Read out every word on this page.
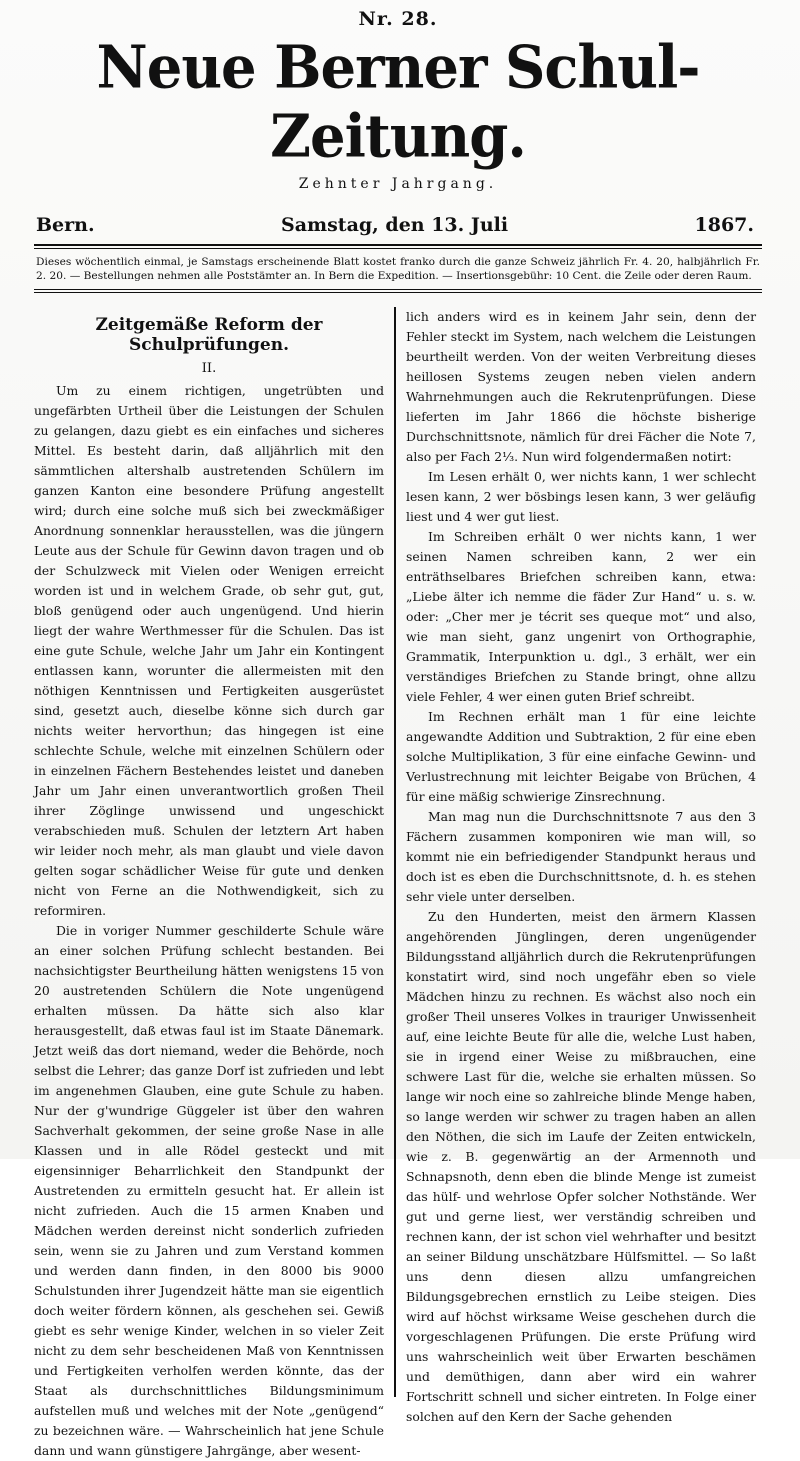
Nr. 28.
Neue Berner Schul-Zeitung.
Zehnter Jahrgang.
Bern.	Samstag, den 13. Juli	1867.
Dieses wöchentlich einmal, je Samstags erscheinende Blatt kostet franko durch die ganze Schweiz jährlich Fr. 4. 20, halbjährlich Fr. 2. 20. — Bestellungen nehmen alle Poststämter an. In Bern die Expedition. — Insertionsgebühr: 10 Cent. die Zeile oder deren Raum.
Zeitgemäße Reform der Schulprüfungen.
II.

Um zu einem richtigen, ungetrübten und ungefärbten Urtheil über die Leistungen der Schulen zu gelangen, dazu giebt es ein einfaches und sicheres Mittel. Es besteht darin, daß alljährlich mit den sämmtlichen altershalb austretenden Schülern im ganzen Kanton eine besondere Prüfung angestellt wird; durch eine solche muß sich bei zweckmäßiger Anordnung sonnenklar herausstellen, was die jüngern Leute aus der Schule für Gewinn davon tragen und ob der Schulzweck mit Vielen oder Wenigen erreicht worden ist und in welchem Grade, ob sehr gut, gut, bloß genügend oder auch ungenügend. Und hierin liegt der wahre Werthmesser für die Schulen. Das ist eine gute Schule, welche Jahr um Jahr ein Kontingent entlassen kann, worunter die allermeisten mit den nöthigen Kenntnissen und Fertigkeiten ausgerüstet sind, gesetzt auch, dieselbe könne sich durch gar nichts weiter hervorthun; das hingegen ist eine schlechte Schule, welche mit einzelnen Schülern oder in einzelnen Fächern Bestehendes leistet und daneben Jahr um Jahr einen unverantwortlich großen Theil ihrer Zöglinge unwissend und ungeschickt verabschieden muß. Schulen der letztern Art haben wir leider noch mehr, als man glaubt und viele davon gelten sogar schädlicher Weise für gute und denken nicht von Ferne an die Nothwendigkeit, sich zu reformiren.

Die in voriger Nummer geschilderte Schule wäre an einer solchen Prüfung schlecht bestanden. Bei nachsichtigster Beurtheilung hätten wenigstens 15 von 20 austretenden Schülern die Note ungenügend erhalten müssen. Da hätte sich also klar herausgestellt, daß etwas faul ist im Staate Dänemark. Jetzt weiß das dort niemand, weder die Behörde, noch selbst die Lehrer; das ganze Dorf ist zufrieden und lebt im angenehmen Glauben, eine gute Schule zu haben. Nur der g'wundrige Güggeler ist über den wahren Sachverhalt gekommen, der seine große Nase in alle Klassen und in alle Rödel gesteckt und mit eigensinniger Beharrlichkeit den Standpunkt der Austretenden zu ermitteln gesucht hat. Er allein ist nicht zufrieden. Auch die 15 armen Knaben und Mädchen werden dereinst nicht sonderlich zufrieden sein, wenn sie zu Jahren und zum Verstand kommen und werden dann finden, in den 8000 bis 9000 Schulstunden ihrer Jugendzeit hätte man sie eigentlich doch weiter fördern können, als geschehen sei. Gewiß giebt es sehr wenige Kinder, welchen in so vieler Zeit nicht zu dem sehr bescheidenen Maß von Kenntnissen und Fertigkeiten verholfen werden könnte, das der Staat als durchschnittliches Bildungsminimum aufstellen muß und welches mit der Note „genügend“ zu bezeichnen wäre. — Wahrscheinlich hat jene Schule dann und wann günstigere Jahrgänge, aber wesent-

lich anders wird es in keinem Jahr sein, denn der Fehler steckt im System, nach welchem die Leistungen beurtheilt werden. Von der weiten Verbreitung dieses heillosen Systems zeugen neben vielen andern Wahrnehmungen auch die Rekrutenprüfungen. Diese lieferten im Jahr 1866 die höchste bisherige Durchschnittsnote, nämlich für drei Fächer die Note 7, also per Fach 2⅓. Nun wird folgendermaßen notirt:

Im Lesen erhält 0, wer nichts kann, 1 wer schlecht lesen kann, 2 wer bösbings lesen kann, 3 wer geläufig liest und 4 wer gut liest.

Im Schreiben erhält 0 wer nichts kann, 1 wer seinen Namen schreiben kann, 2 wer ein enträthselbares Briefchen schreiben kann, etwa: „Liebe älter ich nemme die fäder Zur Hand“ u. s. w. oder: „Cher mer je técrit ses queque mot“ und also, wie man sieht, ganz ungenirt von Orthographie, Grammatik, Interpunktion u. dgl., 3 erhält, wer ein verständiges Briefchen zu Stande bringt, ohne allzu viele Fehler, 4 wer einen guten Brief schreibt.

Im Rechnen erhält man 1 für eine leichte angewandte Addition und Subtraktion, 2 für eine eben solche Multiplikation, 3 für eine einfache Gewinn- und Verlustrechnung mit leichter Beigabe von Brüchen, 4 für eine mäßig schwierige Zinsrechnung.

Man mag nun die Durchschnittsnote 7 aus den 3 Fächern zusammen komponiren wie man will, so kommt nie ein befriedigender Standpunkt heraus und doch ist es eben die Durchschnittsnote, d. h. es stehen sehr viele unter derselben.

Zu den Hunderten, meist den ärmern Klassen angehörenden Jünglingen, deren ungenügender Bildungsstand alljährlich durch die Rekrutenprüfungen konstatirt wird, sind noch ungefähr eben so viele Mädchen hinzu zu rechnen. Es wächst also noch ein großer Theil unseres Volkes in trauriger Unwissenheit auf, eine leichte Beute für alle die, welche Lust haben, sie in irgend einer Weise zu mißbrauchen, eine schwere Last für die, welche sie erhalten müssen. So lange wir noch eine so zahlreiche blinde Menge haben, so lange werden wir schwer zu tragen haben an allen den Nöthen, die sich im Laufe der Zeiten entwickeln, wie z. B. gegenwärtig an der Armennoth und Schnapsnoth, denn eben die blinde Menge ist zumeist das hülf- und wehrlose Opfer solcher Nothstände. Wer gut und gerne liest, wer verständig schreiben und rechnen kann, der ist schon viel wehrhafter und besitzt an seiner Bildung unschätzbare Hülfsmittel. — So laßt uns denn diesen allzu umfangreichen Bildungsgebrechen ernstlich zu Leibe steigen. Dies wird auf höchst wirksame Weise geschehen durch die vorgeschlagenen Prüfungen. Die erste Prüfung wird uns wahrscheinlich weit über Erwarten beschämen und demüthigen, dann aber wird ein wahrer Fortschritt schnell und sicher eintreten. In Folge einer solchen auf den Kern der Sache gehenden
